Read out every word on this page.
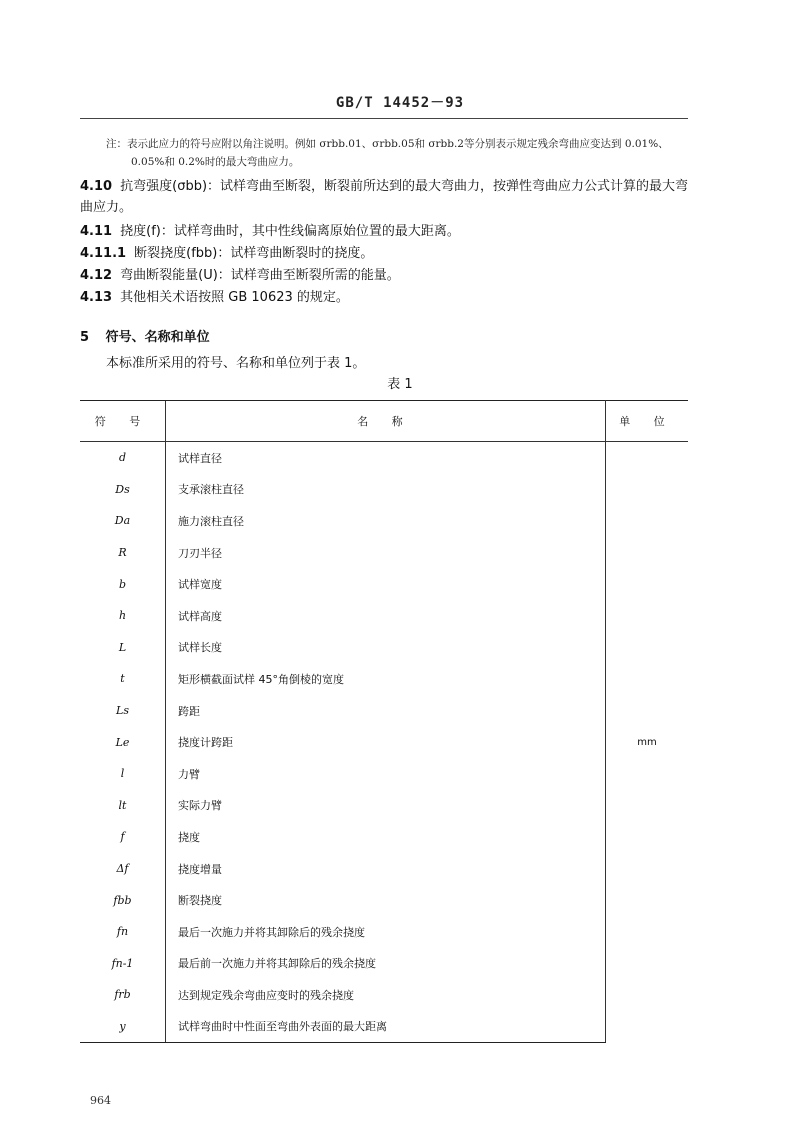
GB/T 14452－93
注：表示此应力的符号应附以角注说明。例如 σrbb.01、σrbb.05和 σrbb.2等分别表示规定残余弯曲应变达到 0.01%、
0.05%和 0.2%时的最大弯曲应力。
4.10 抗弯强度(σbb)：试样弯曲至断裂，断裂前所达到的最大弯曲力，按弹性弯曲应力公式计算的最大弯曲应力。
4.11 挠度(f)：试样弯曲时，其中性线偏离原始位置的最大距离。
4.11.1 断裂挠度(fbb)：试样弯曲断裂时的挠度。
4.12 弯曲断裂能量(U)：试样弯曲至断裂所需的能量。
4.13 其他相关术语按照 GB 10623 的规定。
5 符号、名称和单位
本标准所采用的符号、名称和单位列于表 1。
表 1
符 号	名 称	单 位
d	试样直径	mm
Ds	支承滚柱直径	
Da	施力滚柱直径	
R	刀刃半径	
b	试样宽度	
h	试样高度	
L	试样长度	
t	矩形横截面试样 45°角倒棱的宽度	
Ls	跨距	
Le	挠度计跨距	
l	力臂	
lt	实际力臂	
f	挠度	
Δf	挠度增量	
fbb	断裂挠度	
fn	最后一次施力并将其卸除后的残余挠度	
fn-1	最后前一次施力并将其卸除后的残余挠度	
frb	达到规定残余弯曲应变时的残余挠度	
y	试样弯曲时中性面至弯曲外表面的最大距离	
964
